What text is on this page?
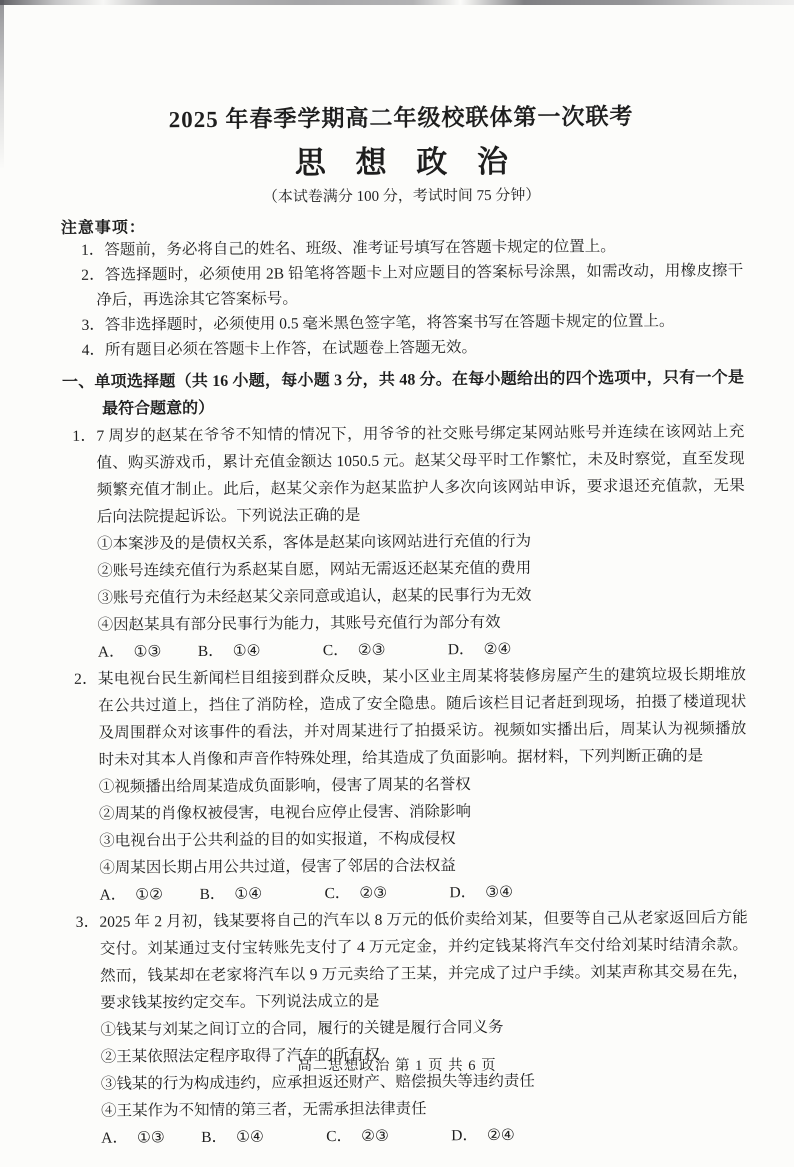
2025 年春季学期高二年级校联体第一次联考
思 想 政 治
（本试卷满分 100 分，考试时间 75 分钟）
注意事项：
1．答题前，务必将自己的姓名、班级、准考证号填写在答题卡规定的位置上。
2．答选择题时，必须使用 2B 铅笔将答题卡上对应题目的答案标号涂黑，如需改动，用橡皮擦干净后，再选涂其它答案标号。
3．答非选择题时，必须使用 0.5 毫米黑色签字笔，将答案书写在答题卡规定的位置上。
4．所有题目必须在答题卡上作答，在试题卷上答题无效。
一、单项选择题（共 16 小题，每小题 3 分，共 48 分。在每小题给出的四个选项中，只有一个是最符合题意的）

1．7 周岁的赵某在爷爷不知情的情况下，用爷爷的社交账号绑定某网站账号并连续在该网站上充值、购买游戏币，累计充值金额达 1050.5 元。赵某父母平时工作繁忙，未及时察觉，直至发现频繁充值才制止。此后，赵某父亲作为赵某监护人多次向该网站申诉，要求退还充值款，无果后向法院提起诉讼。下列说法正确的是

①本案涉及的是债权关系，客体是赵某向该网站进行充值的行为
②账号连续充值行为系赵某自愿，网站无需返还赵某充值的费用
③账号充值行为未经赵某父亲同意或追认，赵某的民事行为无效
④因赵某具有部分民事行为能力，其账号充值行为部分有效
A． ①③	B． ①④	C． ②③	D． ②④

2．某电视台民生新闻栏目组接到群众反映，某小区业主周某将装修房屋产生的建筑垃圾长期堆放在公共过道上，挡住了消防栓，造成了安全隐患。随后该栏目记者赶到现场，拍摄了楼道现状及周围群众对该事件的看法，并对周某进行了拍摄采访。视频如实播出后，周某认为视频播放时未对其本人肖像和声音作特殊处理，给其造成了负面影响。据材料，下列判断正确的是

①视频播出给周某造成负面影响，侵害了周某的名誉权
②周某的肖像权被侵害，电视台应停止侵害、消除影响
③电视台出于公共利益的目的如实报道，不构成侵权
④周某因长期占用公共过道，侵害了邻居的合法权益
A． ①②	B． ①④	C． ②③	D． ③④

3．2025 年 2 月初，钱某要将自己的汽车以 8 万元的低价卖给刘某，但要等自己从老家返回后方能交付。刘某通过支付宝转账先支付了 4 万元定金，并约定钱某将汽车交付给刘某时结清余款。然而，钱某却在老家将汽车以 9 万元卖给了王某，并完成了过户手续。刘某声称其交易在先，要求钱某按约定交车。下列说法成立的是

①钱某与刘某之间订立的合同，履行的关键是履行合同义务
②王某依照法定程序取得了汽车的所有权
③钱某的行为构成违约，应承担返还财产、赔偿损失等违约责任
④王某作为不知情的第三者，无需承担法律责任
A． ①③	B． ①④	C． ②③	D． ②④
高二思想政治 第 1 页 共 6 页
